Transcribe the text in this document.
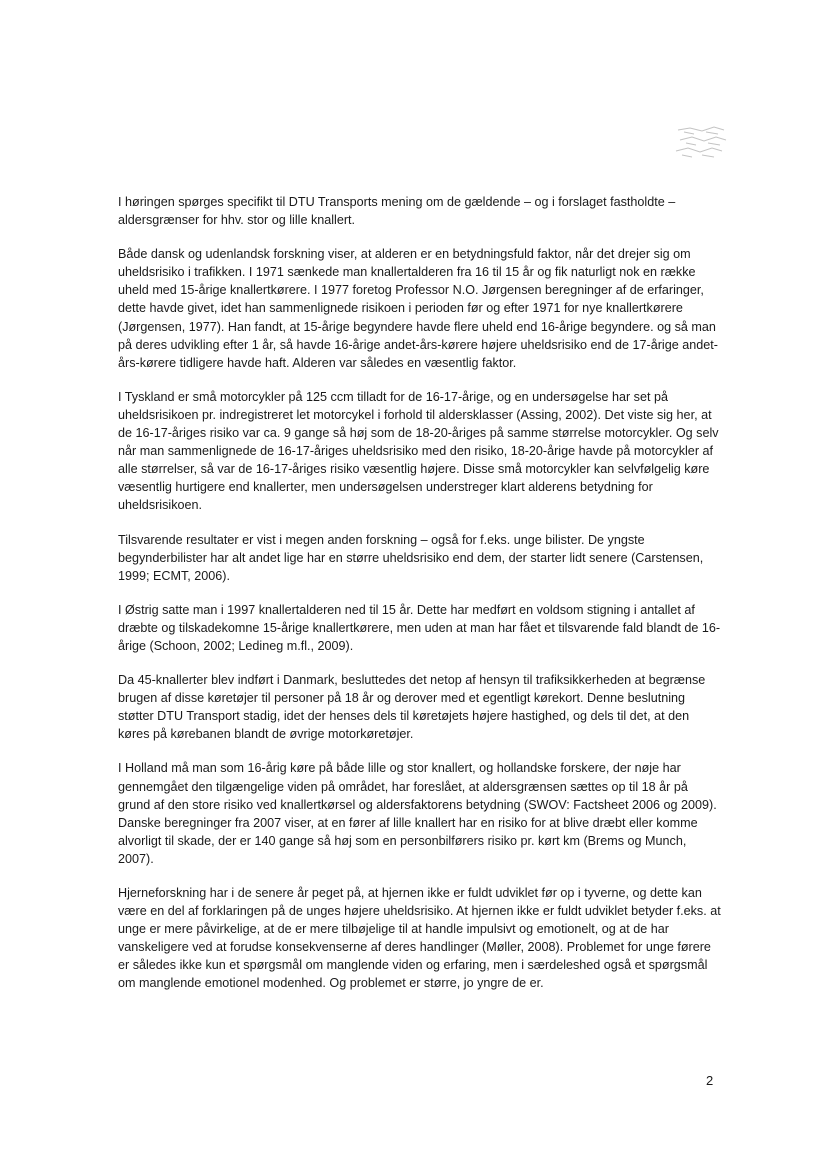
I høringen spørges specifikt til DTU Transports mening om de gældende – og i forslaget fastholdte – aldersgrænser for hhv. stor og lille knallert.

Både dansk og udenlandsk forskning viser, at alderen er en betydningsfuld faktor, når det drejer sig om uheldsrisiko i trafikken. I 1971 sænkede man knallertalderen fra 16 til 15 år og fik naturligt nok en række uheld med 15-årige knallertkørere. I 1977 foretog Professor N.O. Jørgensen beregninger af de erfaringer, dette havde givet, idet han sammenlignede risikoen i perioden før og efter 1971 for nye knallertkørere (Jørgensen, 1977). Han fandt, at 15-årige begyndere havde flere uheld end 16-årige begyndere. og så man på deres udvikling efter 1 år, så havde 16-årige andet-års-kørere højere uheldsrisiko end de 17-årige andet-års-kørere tidligere havde haft. Alderen var således en væsentlig faktor.

I Tyskland er små motorcykler på 125 ccm tilladt for de 16-17-årige, og en undersøgelse har set på uheldsrisikoen pr. indregistreret let motorcykel i forhold til aldersklasser (Assing, 2002). Det viste sig her, at de 16-17-åriges risiko var ca. 9 gange så høj som de 18-20-åriges på samme størrelse motorcykler. Og selv når man sammenlignede de 16-17-åriges uheldsrisiko med den risiko, 18-20-årige havde på motorcykler af alle størrelser, så var de 16-17-åriges risiko væsentlig højere. Disse små motorcykler kan selvfølgelig køre væsentlig hurtigere end knallerter, men undersøgelsen understreger klart alderens betydning for uheldsrisikoen.

Tilsvarende resultater er vist i megen anden forskning – også for f.eks. unge bilister. De yngste begynderbilister har alt andet lige har en større uheldsrisiko end dem, der starter lidt senere (Carstensen, 1999; ECMT, 2006).

I Østrig satte man i 1997 knallertalderen ned til 15 år. Dette har medført en voldsom stigning i antallet af dræbte og tilskadekomne 15-årige knallertkørere, men uden at man har fået et tilsvarende fald blandt de 16-årige (Schoon, 2002; Ledineg m.fl., 2009).

Da 45-knallerter blev indført i Danmark, besluttedes det netop af hensyn til trafiksikkerheden at begrænse brugen af disse køretøjer til personer på 18 år og derover med et egentligt kørekort. Denne beslutning støtter DTU Transport stadig, idet der henses dels til køretøjets højere hastighed, og dels til det, at den køres på kørebanen blandt de øvrige motorkøretøjer.

I Holland må man som 16-årig køre på både lille og stor knallert, og hollandske forskere, der nøje har gennemgået den tilgængelige viden på området, har foreslået, at aldersgrænsen sættes op til 18 år på grund af den store risiko ved knallertkørsel og aldersfaktorens betydning (SWOV: Factsheet 2006 og 2009). Danske beregninger fra 2007 viser, at en fører af lille knallert har en risiko for at blive dræbt eller komme alvorligt til skade, der er 140 gange så høj som en personbilførers risiko pr. kørt km (Brems og Munch, 2007).

Hjerneforskning har i de senere år peget på, at hjernen ikke er fuldt udviklet før op i tyverne, og dette kan være en del af forklaringen på de unges højere uheldsrisiko. At hjernen ikke er fuldt udviklet betyder f.eks. at unge er mere påvirkelige, at de er mere tilbøjelige til at handle impulsivt og emotionelt, og at de har vanskeligere ved at forudse konsekvenserne af deres handlinger (Møller, 2008). Problemet for unge førere er således ikke kun et spørgsmål om manglende viden og erfaring, men i særdeleshed også et spørgsmål om manglende emotionel modenhed. Og problemet er større, jo yngre de er.

2
